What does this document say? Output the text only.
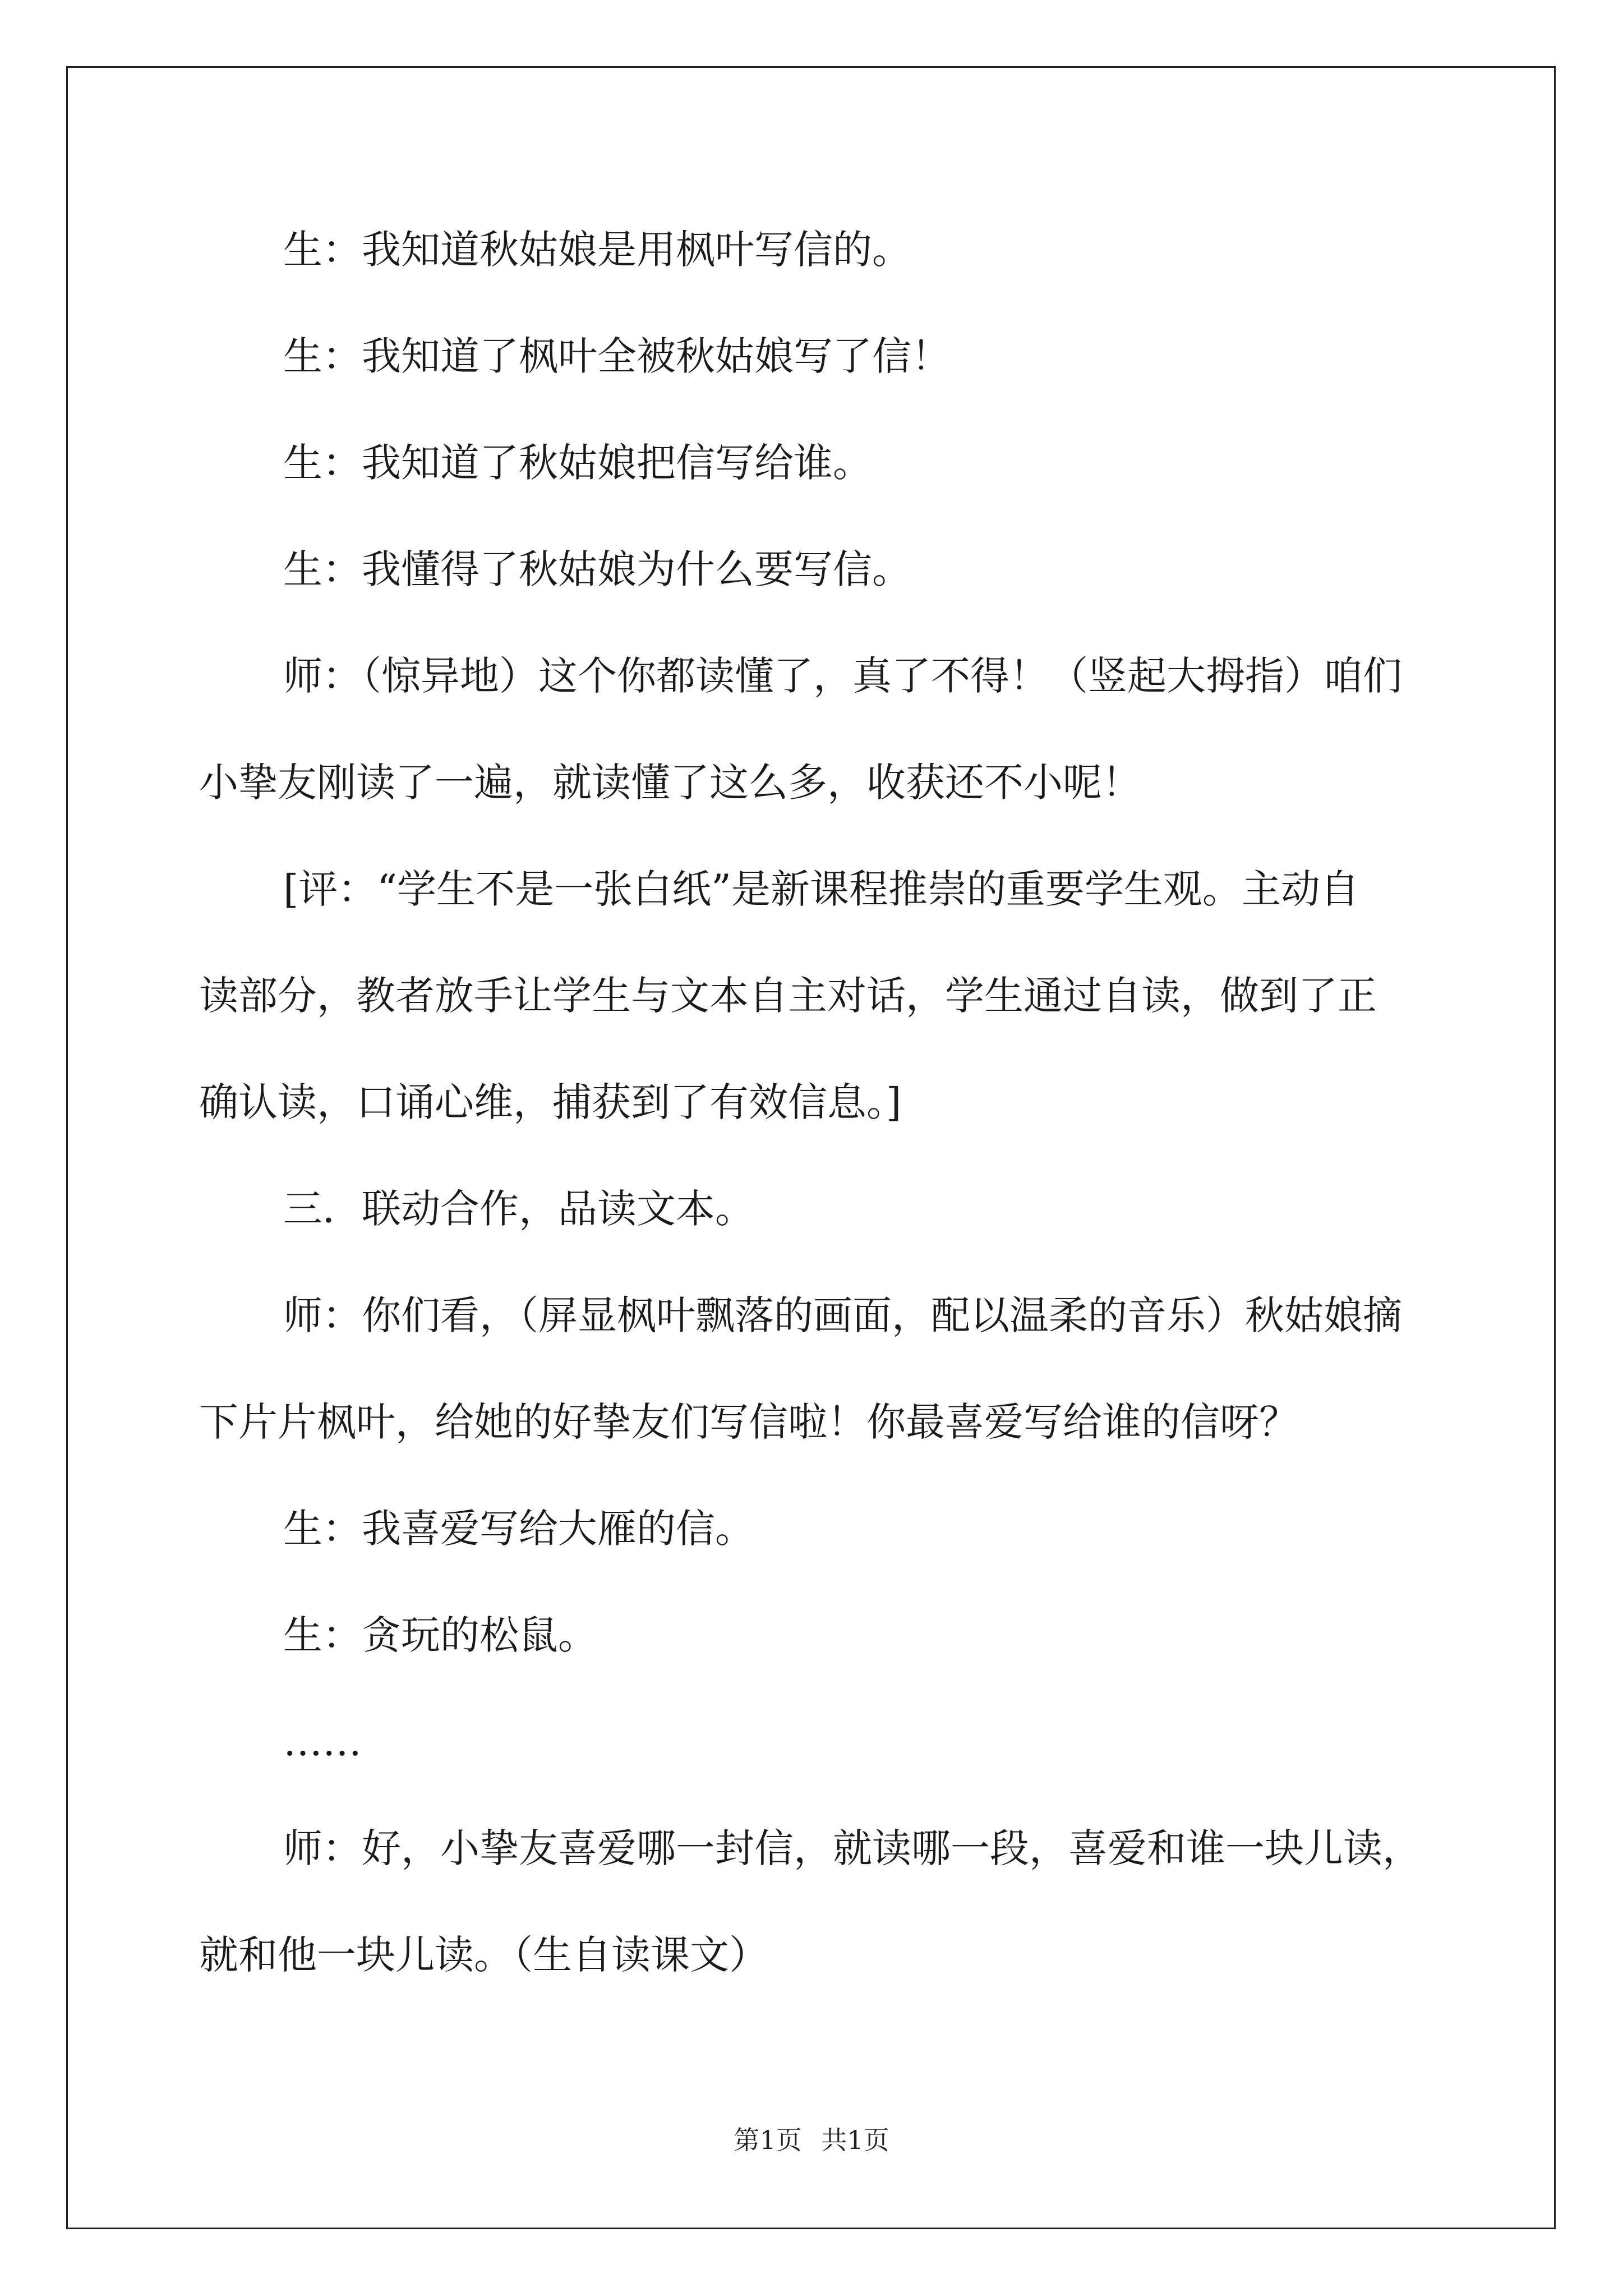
生：我知道秋姑娘是用枫叶写信的。
生：我知道了枫叶全被秋姑娘写了信！
生：我知道了秋姑娘把信写给谁。
生：我懂得了秋姑娘为什么要写信。
师：（惊异地）这个你都读懂了，真了不得！（竖起大拇指）咱们
小挚友刚读了一遍，就读懂了这么多，收获还不小呢！
[评：“学生不是一张白纸”是新课程推崇的重要学生观。主动自
读部分，教者放手让学生与文本自主对话，学生通过自读，做到了正
确认读，口诵心维，捕获到了有效信息。]
三．联动合作，品读文本。
师：你们看，（屏显枫叶飘落的画面，配以温柔的音乐）秋姑娘摘
下片片枫叶，给她的好挚友们写信啦！你最喜爱写给谁的信呀？
生：我喜爱写给大雁的信。
生：贪玩的松鼠。
……
师：好，小挚友喜爱哪一封信，就读哪一段，喜爱和谁一块儿读，
就和他一块儿读。（生自读课文）
第1页 共1页
